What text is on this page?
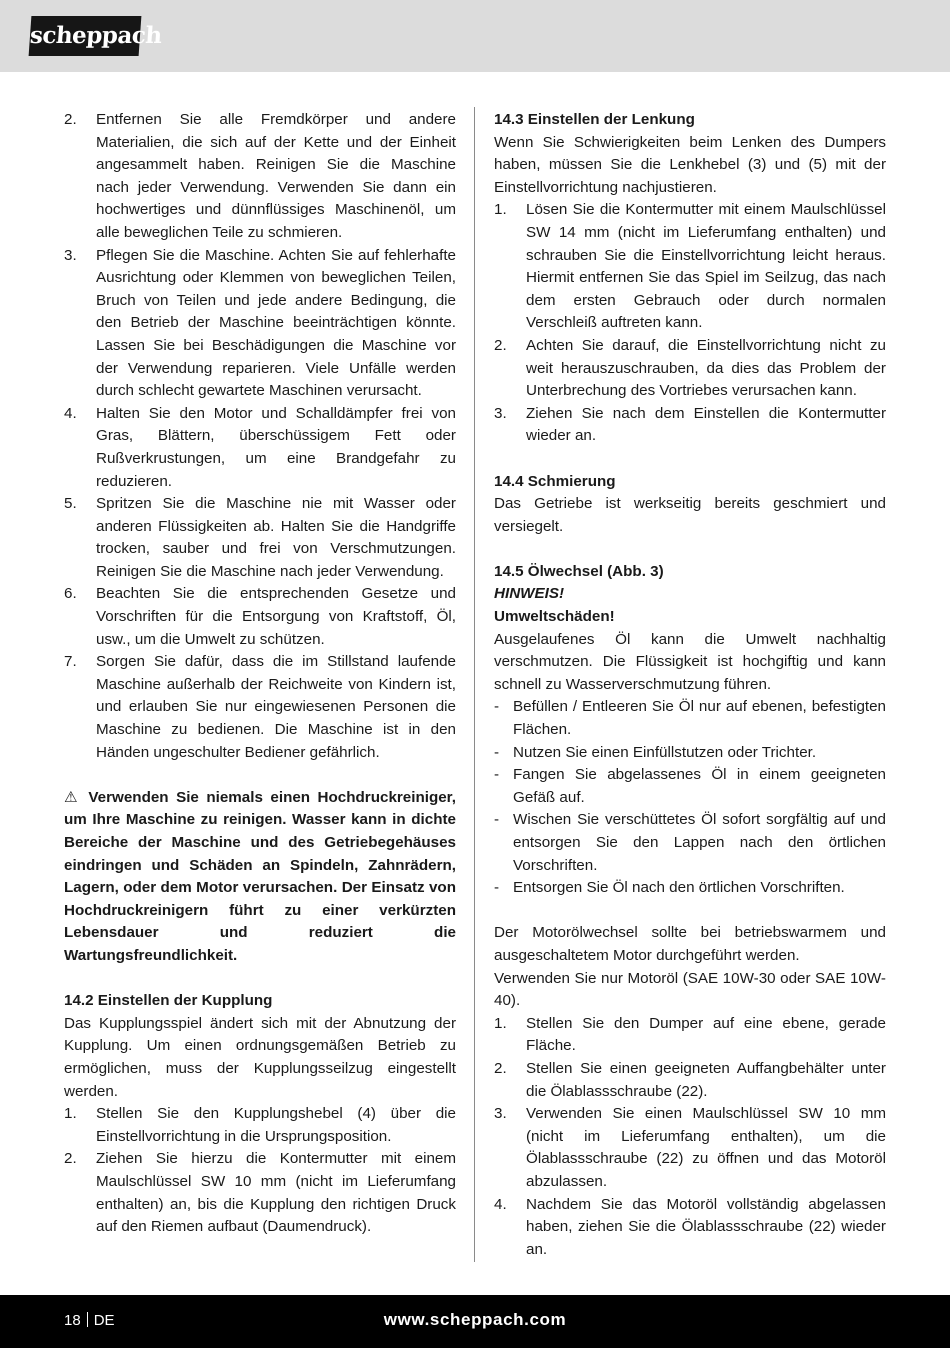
scheppach
2. Entfernen Sie alle Fremdkörper und andere Materialien, die sich auf der Kette und der Einheit angesammelt haben. Reinigen Sie die Maschine nach jeder Verwendung. Verwenden Sie dann ein hochwertiges und dünnflüssiges Maschinenöl, um alle beweglichen Teile zu schmieren.
3. Pflegen Sie die Maschine. Achten Sie auf fehlerhafte Ausrichtung oder Klemmen von beweglichen Teilen, Bruch von Teilen und jede andere Bedingung, die den Betrieb der Maschine beeinträchtigen könnte. Lassen Sie bei Beschädigungen die Maschine vor der Verwendung reparieren. Viele Unfälle werden durch schlecht gewartete Maschinen verursacht.
4. Halten Sie den Motor und Schalldämpfer frei von Gras, Blättern, überschüssigem Fett oder Rußverkrustungen, um eine Brandgefahr zu reduzieren.
5. Spritzen Sie die Maschine nie mit Wasser oder anderen Flüssigkeiten ab. Halten Sie die Handgriffe trocken, sauber und frei von Verschmutzungen. Reinigen Sie die Maschine nach jeder Verwendung.
6. Beachten Sie die entsprechenden Gesetze und Vorschriften für die Entsorgung von Kraftstoff, Öl, usw., um die Umwelt zu schützen.
7. Sorgen Sie dafür, dass die im Stillstand laufende Maschine außerhalb der Reichweite von Kindern ist, und erlauben Sie nur eingewiesenen Personen die Maschine zu bedienen. Die Maschine ist in den Händen ungeschulter Bediener gefährlich.

⚠ Verwenden Sie niemals einen Hochdruckreiniger, um Ihre Maschine zu reinigen. Wasser kann in dichte Bereiche der Maschine und des Getriebegehäuses eindringen und Schäden an Spindeln, Zahnrädern, Lagern, oder dem Motor verursachen. Der Einsatz von Hochdruckreinigern führt zu einer verkürzten Lebensdauer und reduziert die Wartungsfreundlichkeit.

14.2 Einstellen der Kupplung

Das Kupplungsspiel ändert sich mit der Abnutzung der Kupplung. Um einen ordnungsgemäßen Betrieb zu ermöglichen, muss der Kupplungsseilzug eingestellt werden.

1. Stellen Sie den Kupplungshebel (4) über die Einstellvorrichtung in die Ursprungsposition.
2. Ziehen Sie hierzu die Kontermutter mit einem Maulschlüssel SW 10 mm (nicht im Lieferumfang enthalten) an, bis die Kupplung den richtigen Druck auf den Riemen aufbaut (Daumendruck).

14.3 Einstellen der Lenkung

Wenn Sie Schwierigkeiten beim Lenken des Dumpers haben, müssen Sie die Lenkhebel (3) und (5) mit der Einstellvorrichtung nachjustieren.

1. Lösen Sie die Kontermutter mit einem Maulschlüssel SW 14 mm (nicht im Lieferumfang enthalten) und schrauben Sie die Einstellvorrichtung leicht heraus. Hiermit entfernen Sie das Spiel im Seilzug, das nach dem ersten Gebrauch oder durch normalen Verschleiß auftreten kann.
2. Achten Sie darauf, die Einstellvorrichtung nicht zu weit herauszuschrauben, da dies das Problem der Unterbrechung des Vortriebes verursachen kann.
3. Ziehen Sie nach dem Einstellen die Kontermutter wieder an.

14.4 Schmierung

Das Getriebe ist werkseitig bereits geschmiert und versiegelt.

14.5 Ölwechsel (Abb. 3)

HINWEIS!

Umweltschäden!

Ausgelaufenes Öl kann die Umwelt nachhaltig verschmutzen. Die Flüssigkeit ist hochgiftig und kann schnell zu Wasserverschmutzung führen.

- Befüllen / Entleeren Sie Öl nur auf ebenen, befestigten Flächen.
- Nutzen Sie einen Einfüllstutzen oder Trichter.
- Fangen Sie abgelassenes Öl in einem geeigneten Gefäß auf.
- Wischen Sie verschüttetes Öl sofort sorgfältig auf und entsorgen Sie den Lappen nach den örtlichen Vorschriften.
- Entsorgen Sie Öl nach den örtlichen Vorschriften.

Der Motorölwechsel sollte bei betriebswarmem und ausgeschaltetem Motor durchgeführt werden.

Verwenden Sie nur Motoröl (SAE 10W-30 oder SAE 10W-40).

1. Stellen Sie den Dumper auf eine ebene, gerade Fläche.
2. Stellen Sie einen geeigneten Auffangbehälter unter die Ölablassschraube (22).
3. Verwenden Sie einen Maulschlüssel SW 10 mm (nicht im Lieferumfang enthalten), um die Ölablassschraube (22) zu öffnen und das Motoröl abzulassen.
4. Nachdem Sie das Motoröl vollständig abgelassen haben, ziehen Sie die Ölablassschraube (22) wieder an.
18 DE	www.scheppach.com
